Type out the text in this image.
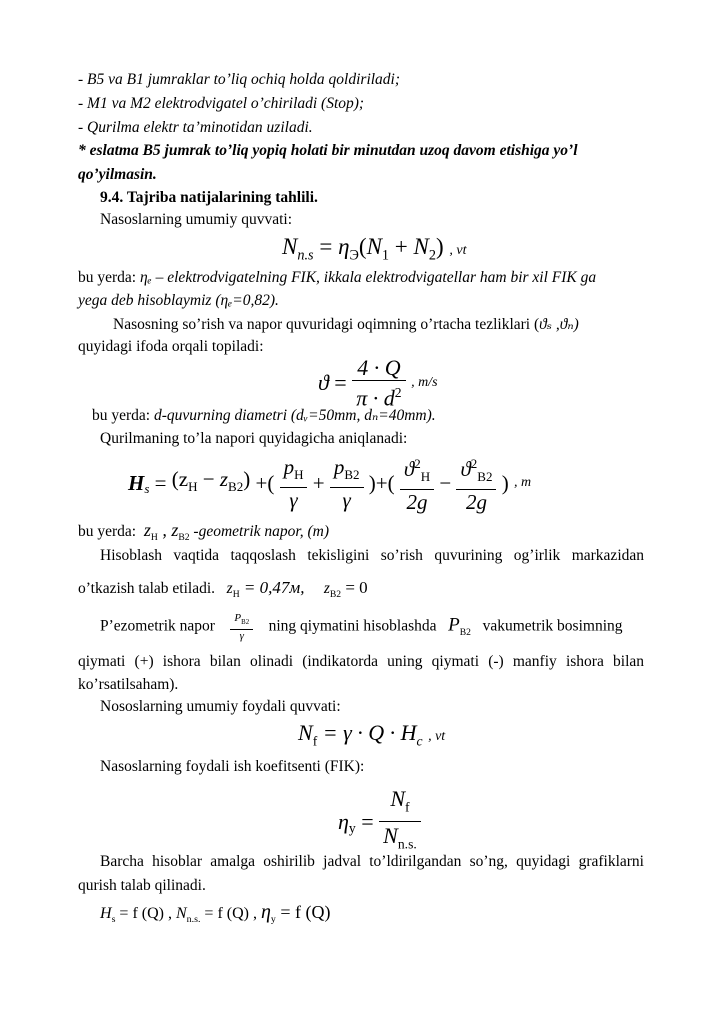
- B5 va B1 jumraklar to’liq ochiq holda qoldiriladi;
- M1 va M2 elektrodvigatel o’chiriladi (Stop);
- Qurilma elektr ta’minotidan uziladi.
* eslatma B5 jumrak to’liq yopiq holati bir minutdan uzoq davom etishiga yo’l
qo’yilmasin.
9.4. Tajriba natijalarining tahlili.
Nasoslarning umumiy quvvati:
$N_{n.s} = \eta_Э(N_1 + N_2)$ , vt
bu yerda: ηₑ – elektrodvigatelning FIK, ikkala elektrodvigatellar ham bir xil FIK ga
yega deb hisoblaymiz (ηₑ=0,82).
Nasosning so’rish va napor quvuridagi oqimning o’rtacha tezliklari (ϑₛ ,ϑₙ)
quyidagi ifoda orqali topiladi:
$ϑ = \frac{4 \cdot Q}{\pi \cdot d^2}$ , m/s
bu yerda: d-quvurning diametri (dᵥ=50mm, dₙ=40mm).
Qurilmaning to’la napori quyidagicha aniqlanadi:
$H_s = (z_H - z_{B2})$ +( $\frac{p_H}{\gamma} + \frac{p_{B2}}{\gamma}$ )+( $\frac{ϑ^2_H}{2g} - \frac{ϑ^2_{B2}}{2g}$ ) , m
bu yerda: $z_H$ , $z_{B2}$ -geometrik napor, (m)
Hisoblash vaqtida taqqoslash tekisligini so’rish quvurining og’irlik markazidan
o’tkazish talab etiladi. $z_H = 0,47м$, $z_{B2} = 0$
P’ezometrik napor $\frac{P_{B2}}{\gamma}$ ning qiymatini hisoblashda $P_{B2}$ vakumetrik bosimning
qiymati (+) ishora bilan olinadi (indikatorda uning qiymati (-) manfiy ishora bilan
ko’rsatilsaham).
Nososlarning umumiy foydali quvvati:
$N_f = \gamma \cdot Q \cdot H_c$ , vt
Nasoslarning foydali ish koefitsenti (FIK):
$\eta_y = \frac{N_f}{N_{n.s.}}$
Barcha hisoblar amalga oshirilib jadval to’ldirilgandan so’ng, quyidagi grafiklarni
qurish talab qilinadi.
$H_s = f$ (Q) , $N_{n.s.} = f$ (Q) , $\eta_y = f$ (Q)
